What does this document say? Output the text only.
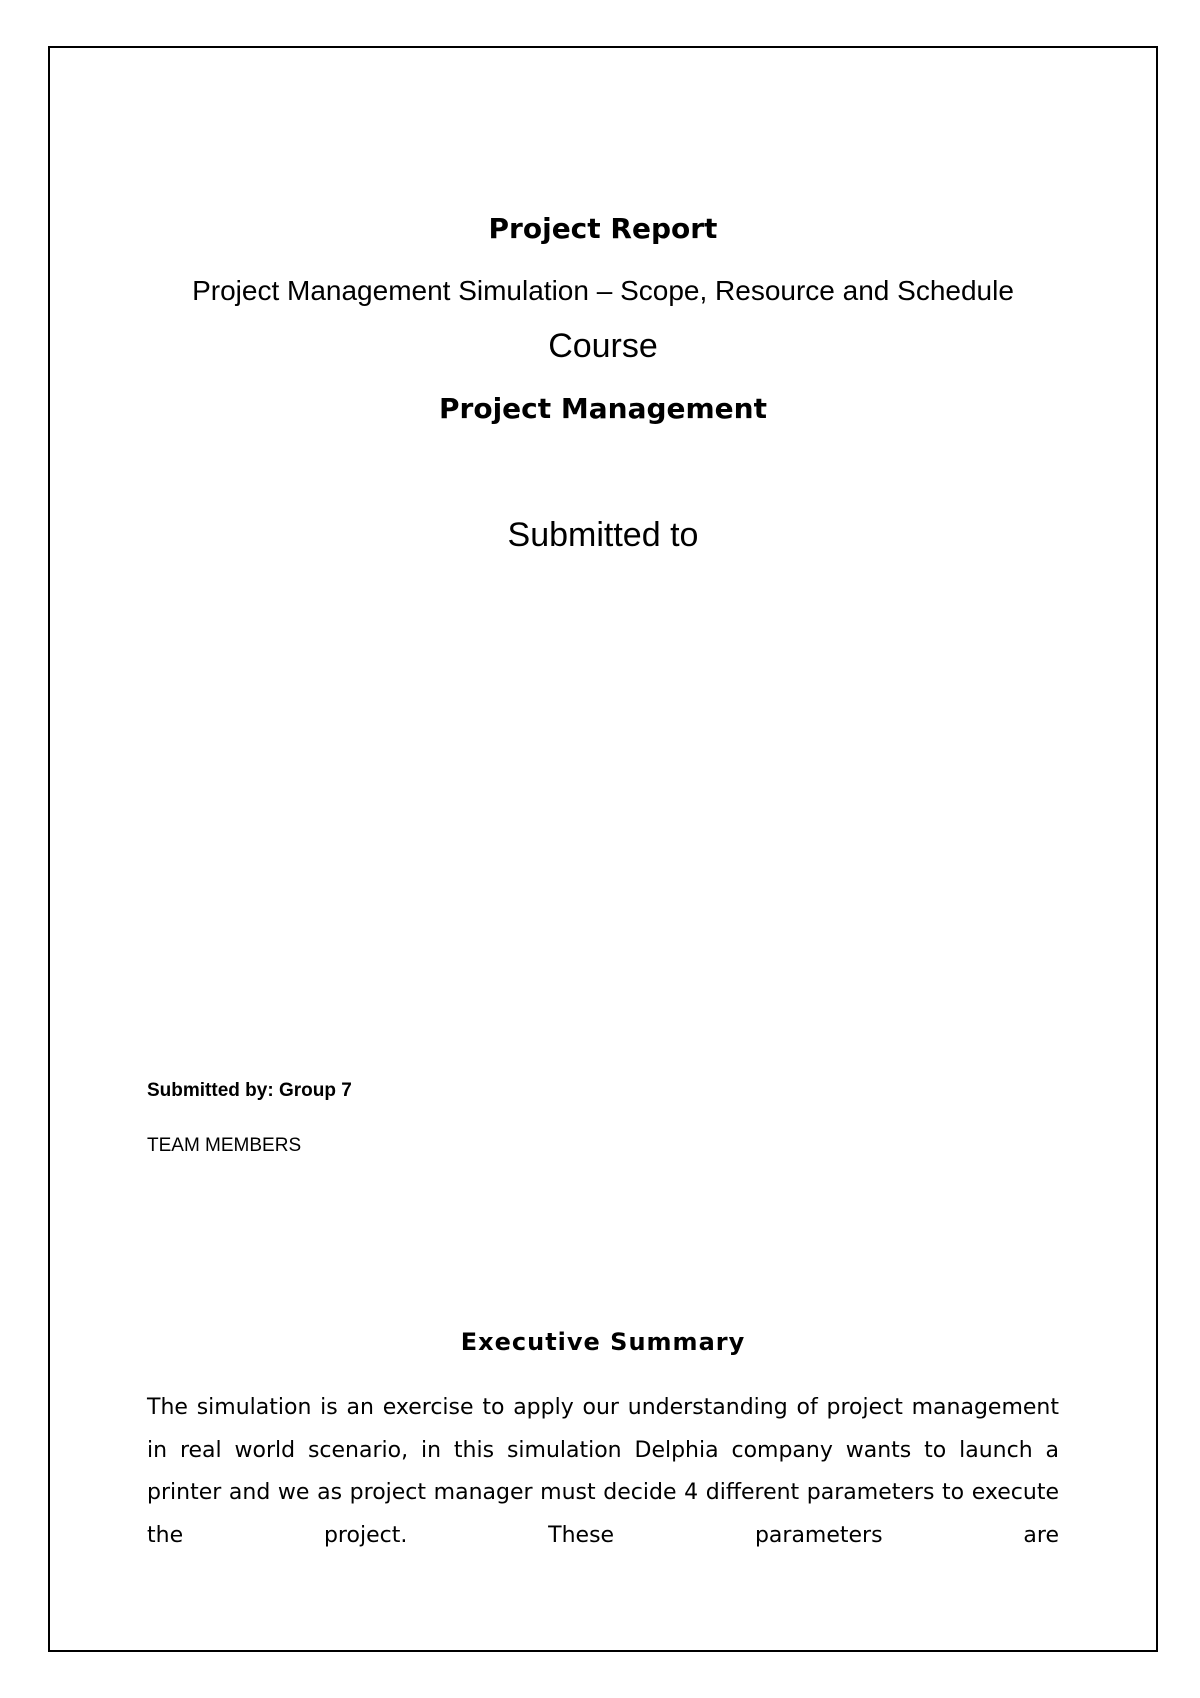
Project Report

Project Management Simulation – Scope, Resource and Schedule

Course

Project Management

Submitted to

Submitted by: Group 7

TEAM MEMBERS

Executive Summary

The simulation is an exercise to apply our understanding of project management in real world scenario, in this simulation Delphia company wants to launch a printer and we as project manager must decide 4 different parameters to execute the project. These parameters are
